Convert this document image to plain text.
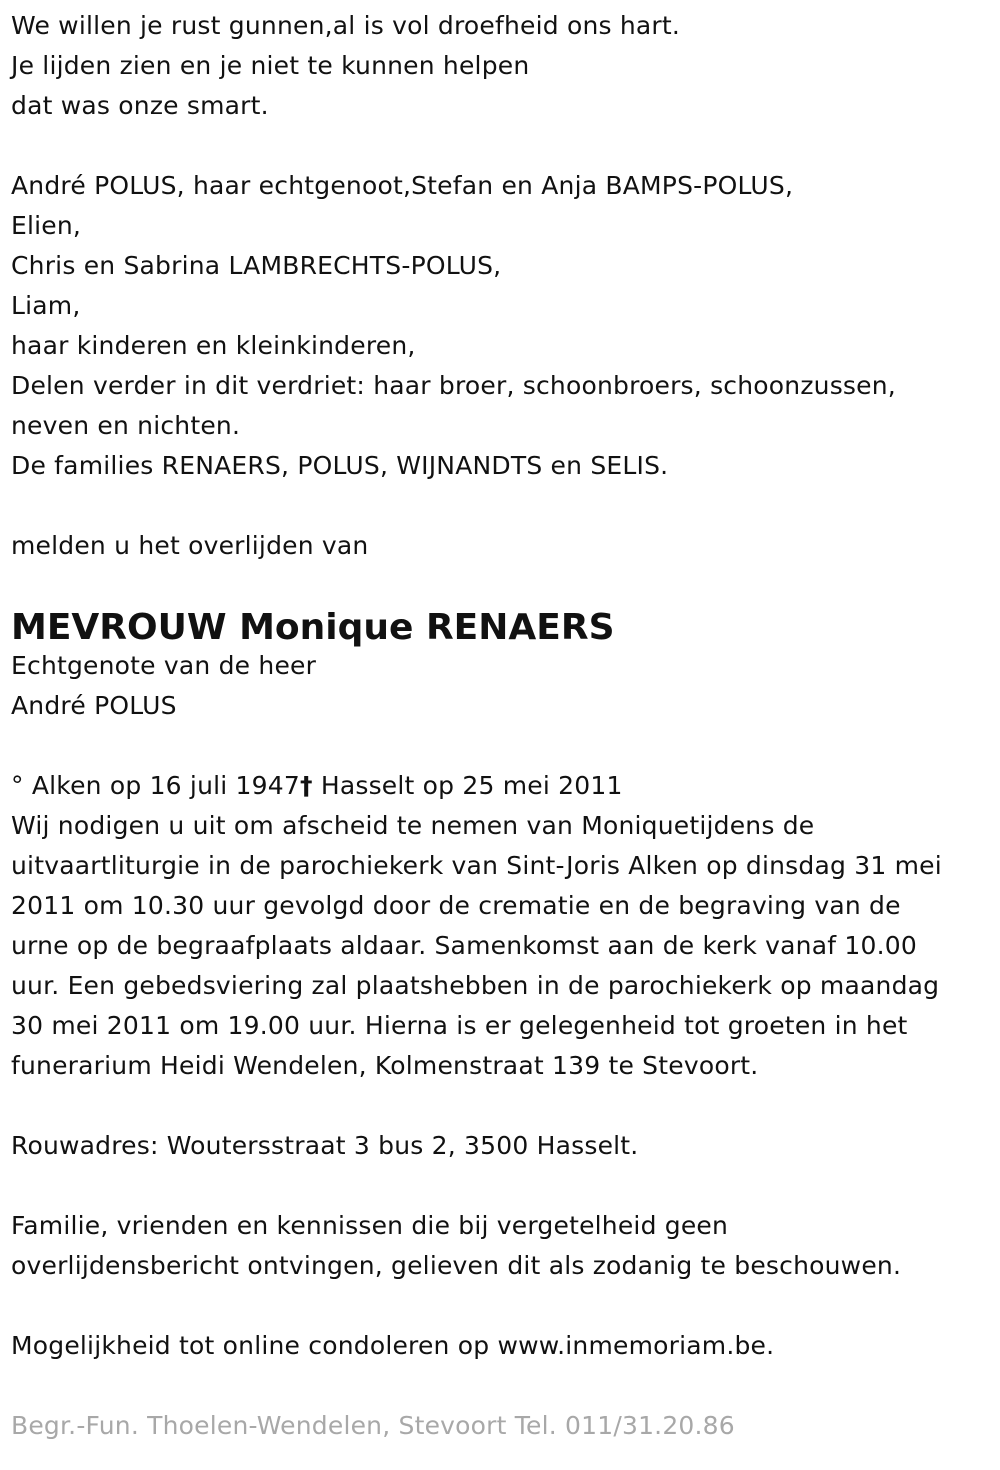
We willen je rust gunnen,al is vol droefheid ons hart.
Je lijden zien en je niet te kunnen helpen
dat was onze smart.
André POLUS, haar echtgenoot,Stefan en Anja BAMPS-POLUS,
Elien,
Chris en Sabrina LAMBRECHTS-POLUS,
Liam,
haar kinderen en kleinkinderen,
Delen verder in dit verdriet: haar broer, schoonbroers, schoonzussen,
neven en nichten.
De families RENAERS, POLUS, WIJNANDTS en SELIS.
melden u het overlijden van
MEVROUW Monique RENAERS
Echtgenote van de heer
André POLUS
° Alken op 16 juli 1947† Hasselt op 25 mei 2011
Wij nodigen u uit om afscheid te nemen van Moniquetijdens de
uitvaartliturgie in de parochiekerk van Sint-Joris Alken op dinsdag 31 mei
2011 om 10.30 uur gevolgd door de crematie en de begraving van de
urne op de begraafplaats aldaar. Samenkomst aan de kerk vanaf 10.00
uur. Een gebedsviering zal plaatshebben in de parochiekerk op maandag
30 mei 2011 om 19.00 uur. Hierna is er gelegenheid tot groeten in het
funerarium Heidi Wendelen, Kolmenstraat 139 te Stevoort.
Rouwadres: Woutersstraat 3 bus 2, 3500 Hasselt.
Familie, vrienden en kennissen die bij vergetelheid geen
overlijdensbericht ontvingen, gelieven dit als zodanig te beschouwen.
Mogelijkheid tot online condoleren op www.inmemoriam.be.
Begr.-Fun. Thoelen-Wendelen, Stevoort Tel. 011/31.20.86
